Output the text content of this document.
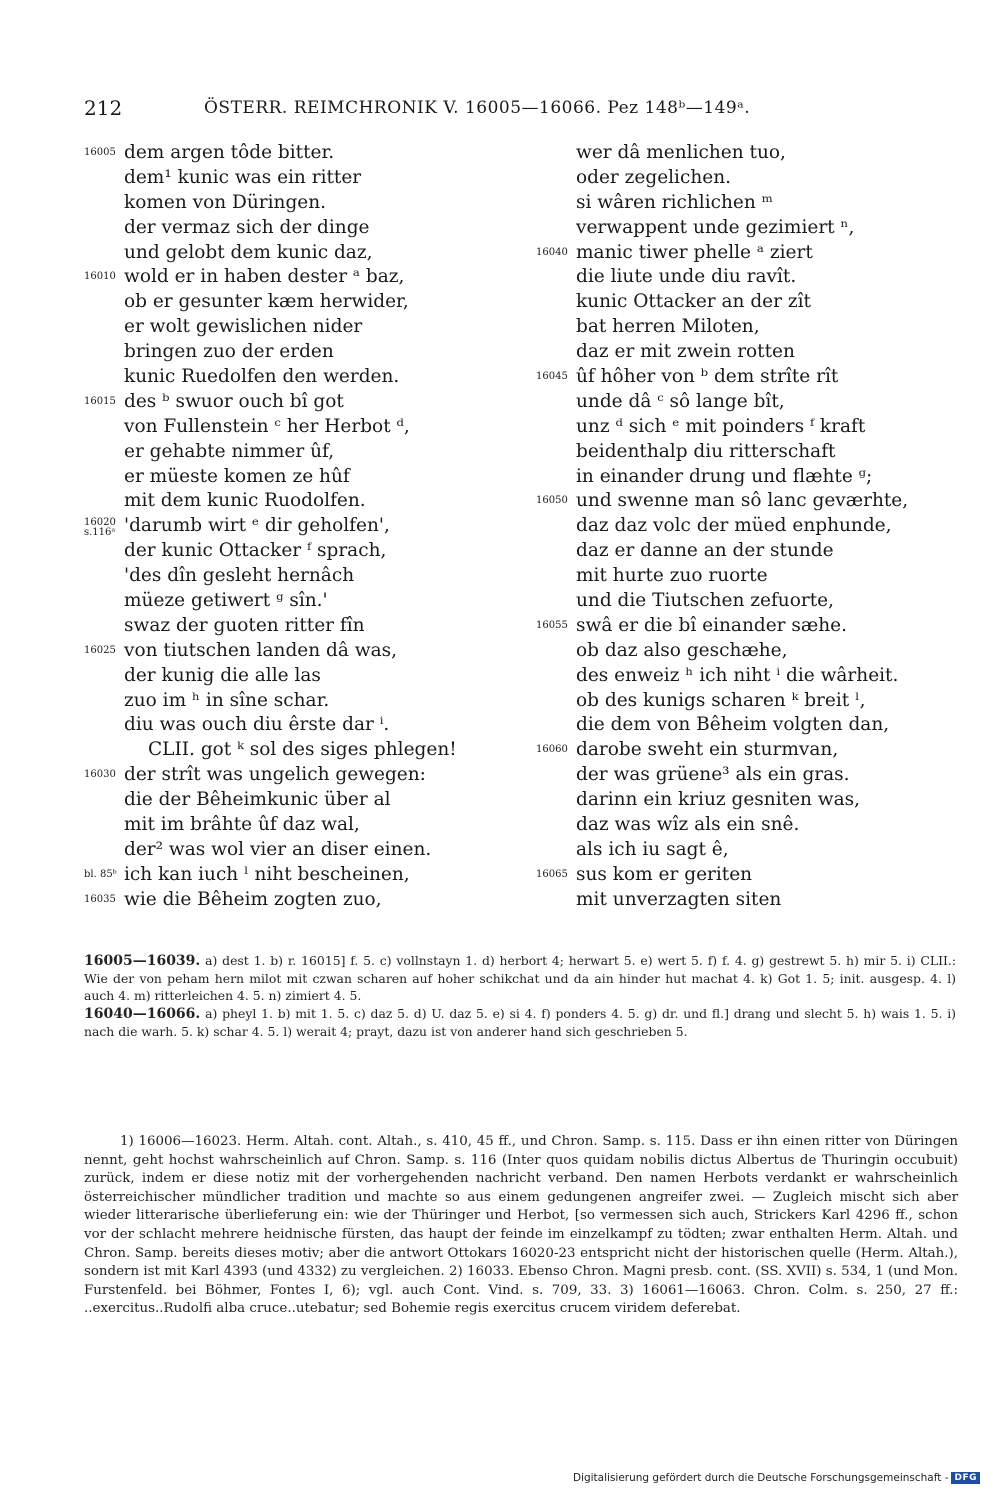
212	ÖSTERR. REIMCHRONIK V. 16005—16066. Pez 148ᵇ—149ᵃ.
16005 dem argen tôde bitter.
dem¹ kunic was ein ritter
komen von Düringen.
der vermaz sich der dinge
und gelobt dem kunic daz,
16010 wold er in haben dester ᵃ baz,
ob er gesunter kæm herwider,
er wolt gewislichen nider
bringen zuo der erden
kunic Ruedolfen den werden.
16015 des ᵇ swuor ouch bî got
von Fullenstein ᶜ her Herbot ᵈ,
er gehabte nimmer ûf,
er müeste komen ze hûf
mit dem kunic Ruodolfen.
16020
s.116ᵃ 'darumb wirt ᵉ dir geholfen',
der kunic Ottacker ᶠ sprach,
'des dîn gesleht hernâch
müeze getiwert ᵍ sîn.'
swaz der guoten ritter fîn
16025 von tiutschen landen dâ was,
der kunig die alle las
zuo im ʰ in sîne schar.
diu was ouch diu êrste dar ⁱ.
CLII. got ᵏ sol des siges phlegen!
16030 der strît was ungelich gewegen:
die der Bêheimkunic über al
mit im brâhte ûf daz wal,
der² was wol vier an diser einen.
bl. 85ᵇ ich kan iuch ˡ niht bescheinen,
16035 wie die Bêheim zogten zuo,
wer dâ menlichen tuo,
oder zegelichen.
si wâren richlichen ᵐ
verwappent unde gezimiert ⁿ,
16040 manic tiwer phelle ᵃ ziert
die liute unde diu ravît.
kunic Ottacker an der zît
bat herren Miloten,
daz er mit zwein rotten
16045 ûf hôher von ᵇ dem strîte rît
unde dâ ᶜ sô lange bît,
unz ᵈ sich ᵉ mit poinders ᶠ kraft
beidenthalp diu ritterschaft
in einander drung und flæhte ᵍ;
16050 und swenne man sô lanc geværhte,
daz daz volc der müed enphunde,
daz er danne an der stunde
mit hurte zuo ruorte
und die Tiutschen zefuorte,
16055 swâ er die bî einander sæhe.
ob daz also geschæhe,
des enweiz ʰ ich niht ⁱ die wârheit.
ob des kunigs scharen ᵏ breit ˡ,
die dem von Bêheim volgten dan,
16060 darobe sweht ein sturmvan,
der was grüene³ als ein gras.
darinn ein kriuz gesniten was,
daz was wîz als ein snê.
als ich iu sagt ê,
16065 sus kom er geriten
mit unverzagten siten

16005—16039. a) dest 1. b) r. 16015] f. 5. c) vollnstayn 1. d) herbort 4; herwart 5. e) wert 5. f) f. 4. g) gestrewt 5. h) mir 5. i) CLII.: Wie der von peham hern milot mit czwan scharen auf hoher schikchat und da ain hinder hut machat 4. k) Got 1. 5; init. ausgesp. 4. l) auch 4. m) ritterleichen 4. 5. n) zimiert 4. 5.

16040—16066. a) pheyl 1. b) mit 1. 5. c) daz 5. d) U. daz 5. e) si 4. f) ponders 4. 5. g) dr. und fl.] drang und slecht 5. h) wais 1. 5. i) nach die warh. 5. k) schar 4. 5. l) werait 4; prayt, dazu ist von anderer hand sich geschrieben 5.

1) 16006—16023. Herm. Altah. cont. Altah., s. 410, 45 ff., und Chron. Samp. s. 115. Dass er ihn einen ritter von Düringen nennt, geht hochst wahrscheinlich auf Chron. Samp. s. 116 (Inter quos quidam nobilis dictus Albertus de Thuringin occubuit) zurück, indem er diese notiz mit der vorhergehenden nachricht verband. Den namen Herbots verdankt er wahrscheinlich österreichischer mündlicher tradition und machte so aus einem gedungenen angreifer zwei. — Zugleich mischt sich aber wieder litterarische überlieferung ein: wie der Thüringer und Herbot, [so vermessen sich auch, Strickers Karl 4296 ff., schon vor der schlacht mehrere heidnische fürsten, das haupt der feinde im einzelkampf zu tödten; zwar enthalten Herm. Altah. und Chron. Samp. bereits dieses motiv; aber die antwort Ottokars 16020-23 entspricht nicht der historischen quelle (Herm. Altah.), sondern ist mit Karl 4393 (und 4332) zu vergleichen. 2) 16033. Ebenso Chron. Magni presb. cont. (SS. XVII) s. 534, 1 (und Mon. Furstenfeld. bei Böhmer, Fontes I, 6); vgl. auch Cont. Vind. s. 709, 33. 3) 16061—16063. Chron. Colm. s. 250, 27 ff.: ..exercitus..Rudolfi alba cruce..utebatur; sed Bohemie regis exercitus crucem viridem deferebat.

Digitalisierung gefördert durch die Deutsche Forschungsgemeinschaft - DFG
